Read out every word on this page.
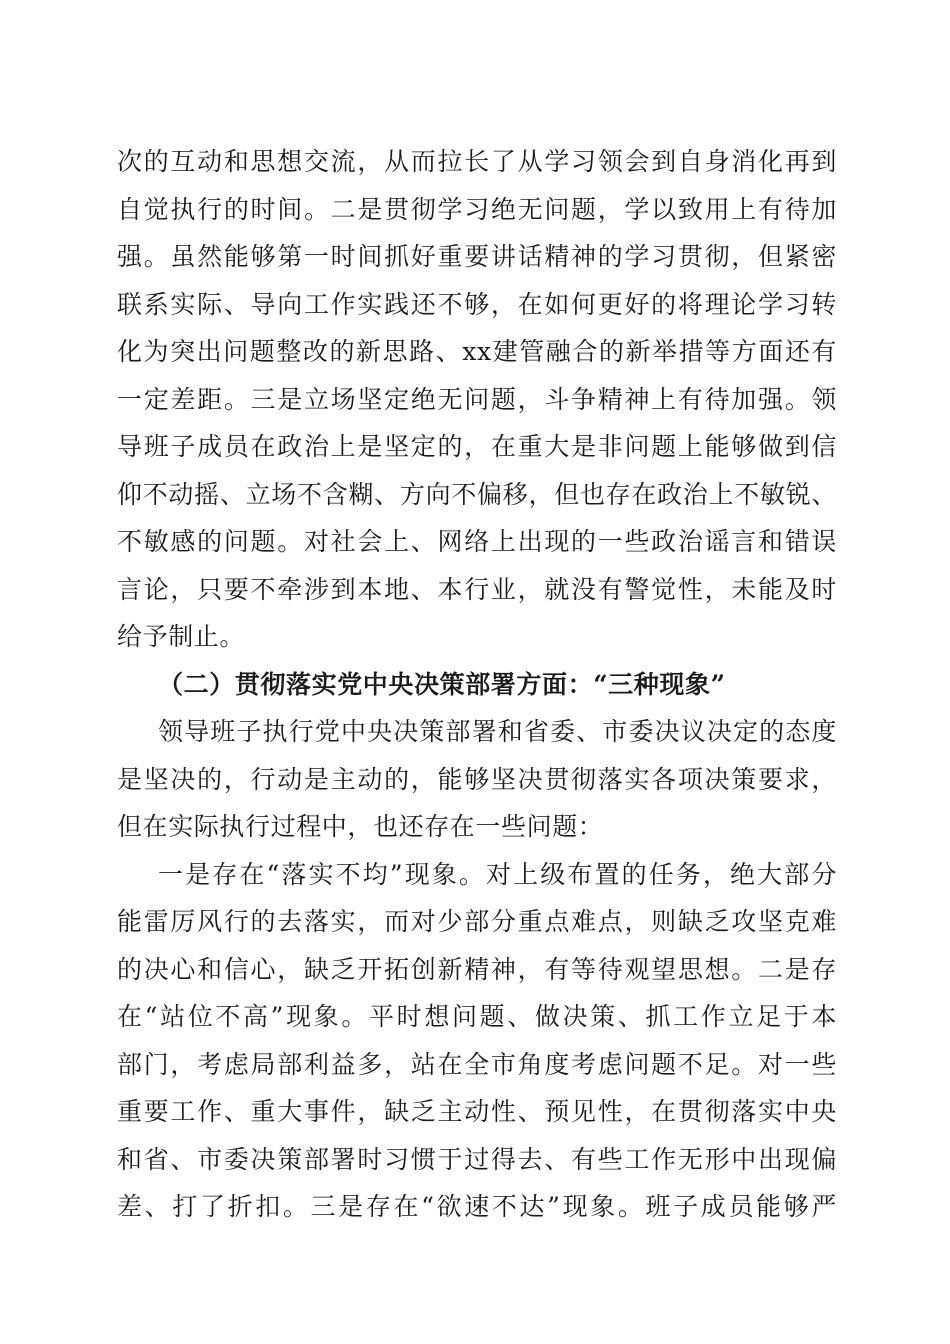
次的互动和思想交流，从而拉长了从学习领会到自身消化再到
自觉执行的时间。二是贯彻学习绝无问题，学以致用上有待加
强。虽然能够第一时间抓好重要讲话精神的学习贯彻，但紧密
联系实际、导向工作实践还不够，在如何更好的将理论学习转
化为突出问题整改的新思路、xx建管融合的新举措等方面还有
一定差距。三是立场坚定绝无问题，斗争精神上有待加强。领
导班子成员在政治上是坚定的，在重大是非问题上能够做到信
仰不动摇、立场不含糊、方向不偏移，但也存在政治上不敏锐、
不敏感的问题。对社会上、网络上出现的一些政治谣言和错误
言论，只要不牵涉到本地、本行业，就没有警觉性，未能及时
给予制止。
（二）贯彻落实党中央决策部署方面：“三种现象”
领导班子执行党中央决策部署和省委、市委决议决定的态度
是坚决的，行动是主动的，能够坚决贯彻落实各项决策要求，
但在实际执行过程中，也还存在一些问题：
一是存在“落实不均”现象。对上级布置的任务，绝大部分
能雷厉风行的去落实，而对少部分重点难点，则缺乏攻坚克难
的决心和信心，缺乏开拓创新精神，有等待观望思想。二是存
在“站位不高”现象。平时想问题、做决策、抓工作立足于本
部门，考虑局部利益多，站在全市角度考虑问题不足。对一些
重要工作、重大事件，缺乏主动性、预见性，在贯彻落实中央
和省、市委决策部署时习惯于过得去、有些工作无形中出现偏
差、打了折扣。三是存在“欲速不达”现象。班子成员能够严
